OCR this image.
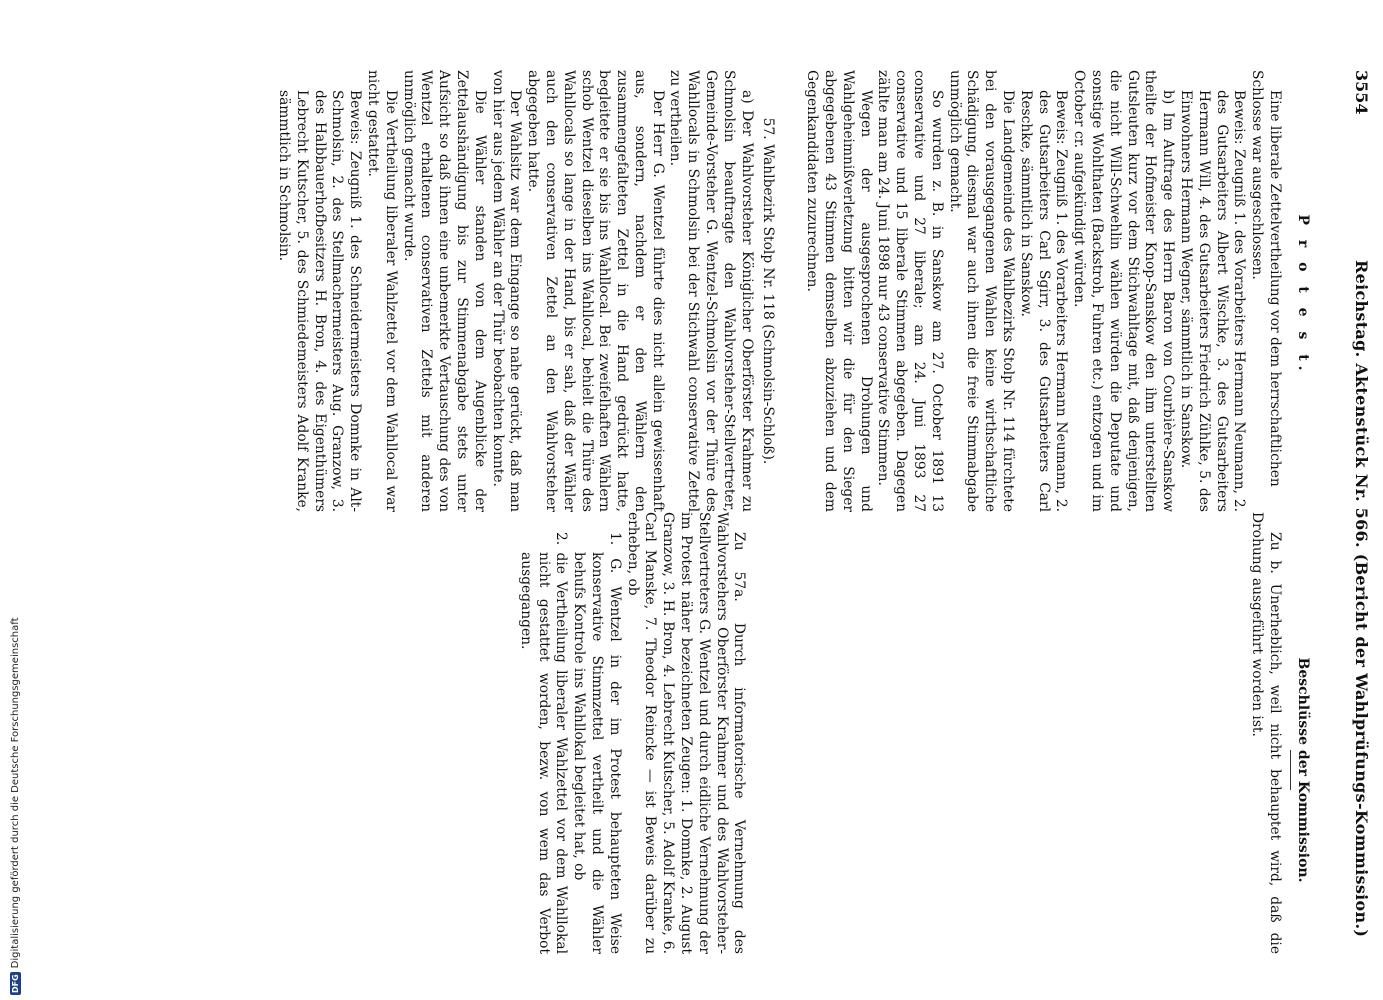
3554
Reichstag. Aktenstück Nr. 566. (Bericht der Wahlprüfungs-Kommission.)
P r o t e s t.
Beschlüsse der Kommission.

Eine liberale Zettelvertheilung vor dem herrschaftlichen

Schlosse war ausgeschlossen.

Beweis: Zeugniß 1. des Vorarbeiters Hermann Neumann, 2. des Gutsarbeiters Albert Wischke, 3. des Gutsarbeiters Hermann Will, 4. des Gutsarbeiters Friedrich Zühlke, 5. des Einwohners Hermann Wegner, sämmtlich in Sanskow.

b) Im Auftrage des Herrn Baron von Courbière-Sanskow theilte der Hofmeister Knop-Sanskow den ihm unterstellten Gutsleuten kurz vor dem Stichwahltage mit, daß denjenigen, die nicht Will-Schwehlin wählen würden die Deputate und sonstige Wohlthaten (Backstroh, Fuhren etc.) entzogen und im October cr. aufgekündigt würden.

Beweis: Zeugniß 1. des Vorarbeiters Hermann Neumann, 2. des Gutsarbeiters Carl Sgirr, 3. des Gutsarbeiters Carl Reschke, sämmtlich in Sanskow.

Die Landgemeinde des Wahlbezirks Stolp Nr. 114 fürchtete bei den vorausgegangenen Wahlen keine wirthschaftliche Schädigung, diesmal war auch ihnen die freie Stimmabgabe unmöglich gemacht.

So wurden z. B. in Sanskow am 27. October 1891 13 conservative und 27 liberale; am 24. Juni 1893 27 conservative und 15 liberale Stimmen abgegeben. Dagegen zählte man am 24. Juni 1898 nur 43 conservative Stimmen.

Wegen der ausgesprochenen Drohungen und Wahlgeheimnißverletzung bitten wir die für den Sieger abgegebenen 43 Stimmen demselben abzuziehen und dem Gegenkandidaten zuzurechnen.

57. Wahlbezirk Stolp Nr. 118 (Schmolsin-Schloß).

a) Der Wahlvorsteher Königlicher Oberförster Krahmer zu Schmolsin beauftragte den Wahlvorsteher-Stellvertreter, Gemeinde-Vorsteher G. Wentzel-Schmolsin vor der Thüre des Wahllocals in Schmolsin bei der Stichwahl conservative Zettel zu vertheilen.

Der Herr G. Wentzel führte dies nicht allein gewissenhaft aus, sondern, nachdem er den Wählern den zusammengefalteten Zettel in die Hand gedrückt hatte, begleitete er sie bis ins Wahllocal. Bei zweifelhaften Wählern schob Wentzel dieselben ins Wahllocal, behielt die Thüre des Wahllocals so lange in der Hand, bis er sah, daß der Wähler auch den conservativen Zettel an den Wahlvorsteher abgegeben hatte.

Der Wahlsitz war dem Eingange so nahe gerückt, daß man von hier aus jedem Wähler an der Thür beobachten konnte.

Die Wähler standen von dem Augenblicke der Zettelaushändigung bis zur Stimmenabgabe stets unter Aufsicht so daß ihnen eine unbemerkte Vertauschung des von Wentzel erhaltenen conservativen Zettels mit anderen unmöglich gemacht wurde.

Die Vertheilung liberaler Wahlzettel vor dem Wahllocal war nicht gestattet.

Beweis: Zeugniß 1. des Schneidermeisters Domnke in Alt-Schmolsin, 2. des Stellmachermeisters Aug. Granzow, 3. des Halbbauerhofbesitzers H. Bron, 4. des Eigenthümers Lebrecht Kutscher, 5. des Schmiedemeisters Adolf Kranke, sämmtlich in Schmolsin.

Zu b. Unerheblich, weil nicht behauptet wird, daß die Drohung ausgeführt worden ist.

Zu 57a. Durch informatorische Vernehmung des Wahlvorstehers Oberförster Krahmer und des Wahlvorsteher-Stellvertreters G. Wentzel und durch eidliche Vernehmung der im Protest näher bezeichneten Zeugen: 1. Domnke, 2. August Granzow, 3. H. Bron, 4. Lebrecht Kutscher, 5. Adolf Kranke, 6. Carl Manske, 7. Theodor Reincke — ist Beweis darüber zu erheben, ob

1. G. Wentzel in der im Protest behaupteten Weise konservative Stimmzettel vertheilt und die Wähler behufs Kontrole ins Wahllokal begleitet hat, ob

2. die Vertheilung liberaler Wahlzettel vor dem Wahllokal nicht gestattet worden, bezw. von wem das Verbot ausgegangen.

DFG
Digitalisierung gefördert durch die Deutsche Forschungsgemeinschaft
